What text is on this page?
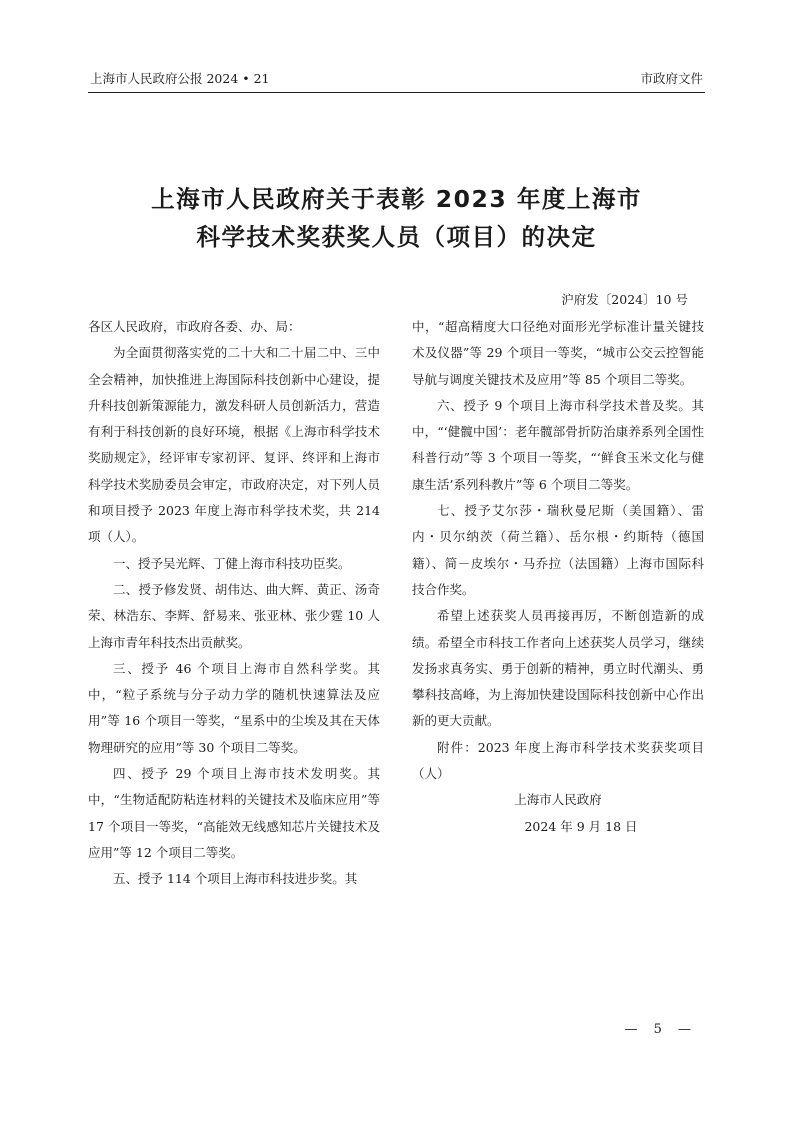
上海市人民政府公报 2024 • 21	市政府文件
上海市人民政府关于表彰 2023 年度上海市
科学技术奖获奖人员（项目）的决定
沪府发〔2024〕10 号

各区人民政府，市政府各委、办、局：

为全面贯彻落实党的二十大和二十届二中、三中全会精神，加快推进上海国际科技创新中心建设，提升科技创新策源能力，激发科研人员创新活力，营造有利于科技创新的良好环境，根据《上海市科学技术奖励规定》，经评审专家初评、复评、终评和上海市科学技术奖励委员会审定，市政府决定，对下列人员和项目授予 2023 年度上海市科学技术奖，共 214 项（人）。

一、授予吴光辉、丁健上海市科技功臣奖。

二、授予修发贤、胡伟达、曲大辉、黄正、汤奇荣、林浩东、李辉、舒易来、张亚林、张少霆 10 人上海市青年科技杰出贡献奖。

三、授予 46 个项目上海市自然科学奖。其中，“粒子系统与分子动力学的随机快速算法及应用”等 16 个项目一等奖，“星系中的尘埃及其在天体物理研究的应用”等 30 个项目二等奖。

四、授予 29 个项目上海市技术发明奖。其中，“生物适配防粘连材料的关键技术及临床应用”等 17 个项目一等奖，“高能效无线感知芯片关键技术及应用”等 12 个项目二等奖。

五、授予 114 个项目上海市科技进步奖。其

中，“超高精度大口径绝对面形光学标准计量关键技术及仪器”等 29 个项目一等奖，“城市公交云控智能导航与调度关键技术及应用”等 85 个项目二等奖。

六、授予 9 个项目上海市科学技术普及奖。其中，“‘健髋中国’：老年髋部骨折防治康养系列全国性科普行动”等 3 个项目一等奖，“‘鲜食玉米文化与健康生活’系列科教片”等 6 个项目二等奖。

七、授予艾尔莎・瑞秋曼尼斯（美国籍）、雷内・贝尔纳茨（荷兰籍）、岳尔根・约斯特（德国籍）、简－皮埃尔・马乔拉（法国籍）上海市国际科技合作奖。

希望上述获奖人员再接再厉，不断创造新的成绩。希望全市科技工作者向上述获奖人员学习，继续发扬求真务实、勇于创新的精神，勇立时代潮头、勇攀科技高峰，为上海加快建设国际科技创新中心作出新的更大贡献。

附件：2023 年度上海市科学技术奖获奖项目（人）

上海市人民政府

2024 年 9 月 18 日

— 5 —
